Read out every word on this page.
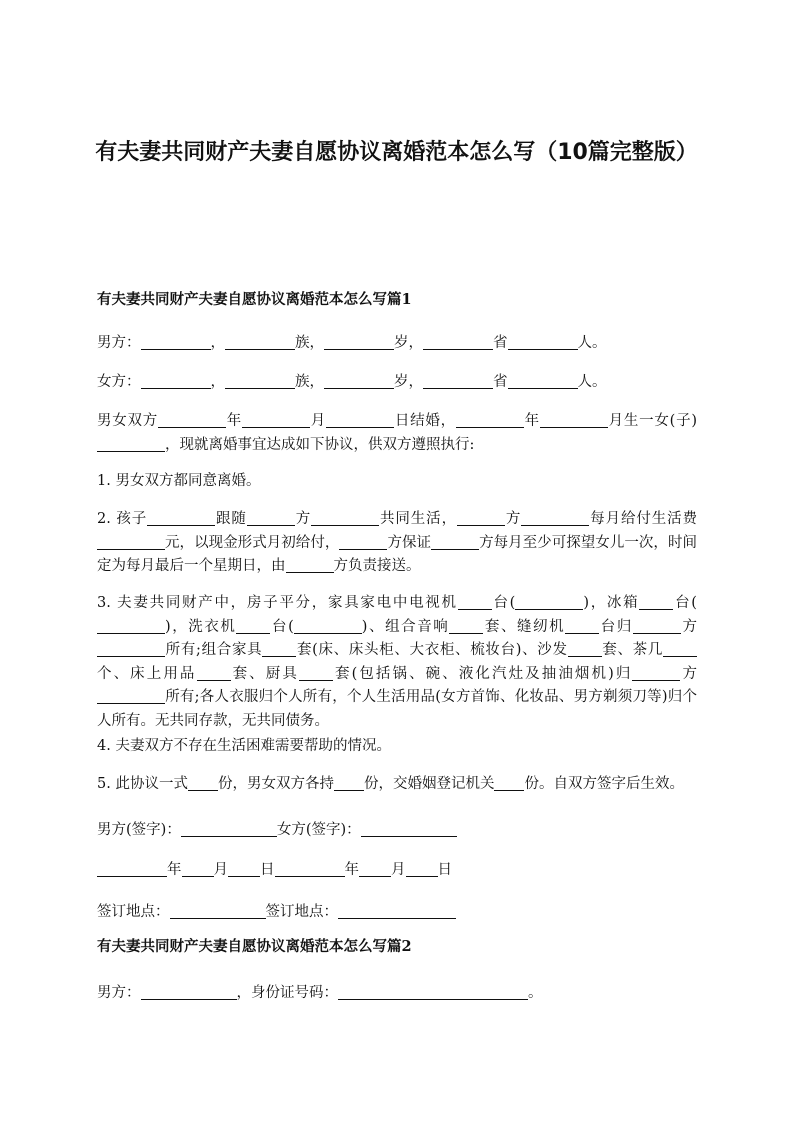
有夫妻共同财产夫妻自愿协议离婚范本怎么写（10篇完整版）
有夫妻共同财产夫妻自愿协议离婚范本怎么写篇1

男方：	，	族，	岁，	省	人。

女方：	，	族，	岁，	省	人。

男女双方	年	月	日结婚，	年	月生一女(子)，现就离婚事宜达成如下协议，供双方遵照执行:

1. 男女双方都同意离婚。

2. 孩子	跟随	方	共同生活，	方	每月给付生活费元，以现金形式月初给付，	方保证	方每月至少可探望女儿一次，时间定为每月最后一个星期日，由	方负责接送。

3. 夫妻共同财产中，房子平分，家具家电中电视机 台(	)，冰箱 台()，洗衣机 台(	)、组合音响 套、缝纫机 台归	方所有;组合家具 套(床、床头柜、大衣柜、梳妆台)、沙发 套、茶几个、床上用品 套、厨具 套(包括锅、碗、液化汽灶及抽油烟机)归	方所有;各人衣服归个人所有，个人生活用品(女方首饰、化妆品、男方剃须刀等)归个人所有。无共同存款，无共同债务。

4. 夫妻双方不存在生活困难需要帮助的情况。

5. 此协议一式 份，男女双方各持 份，交婚姻登记机关 份。自双方签字后生效。

男方(签字)：	女方(签字)：

年 月 日	年 月 日

签订地点：	签订地点：

有夫妻共同财产夫妻自愿协议离婚范本怎么写篇2

男方：	，身份证号码：	。
